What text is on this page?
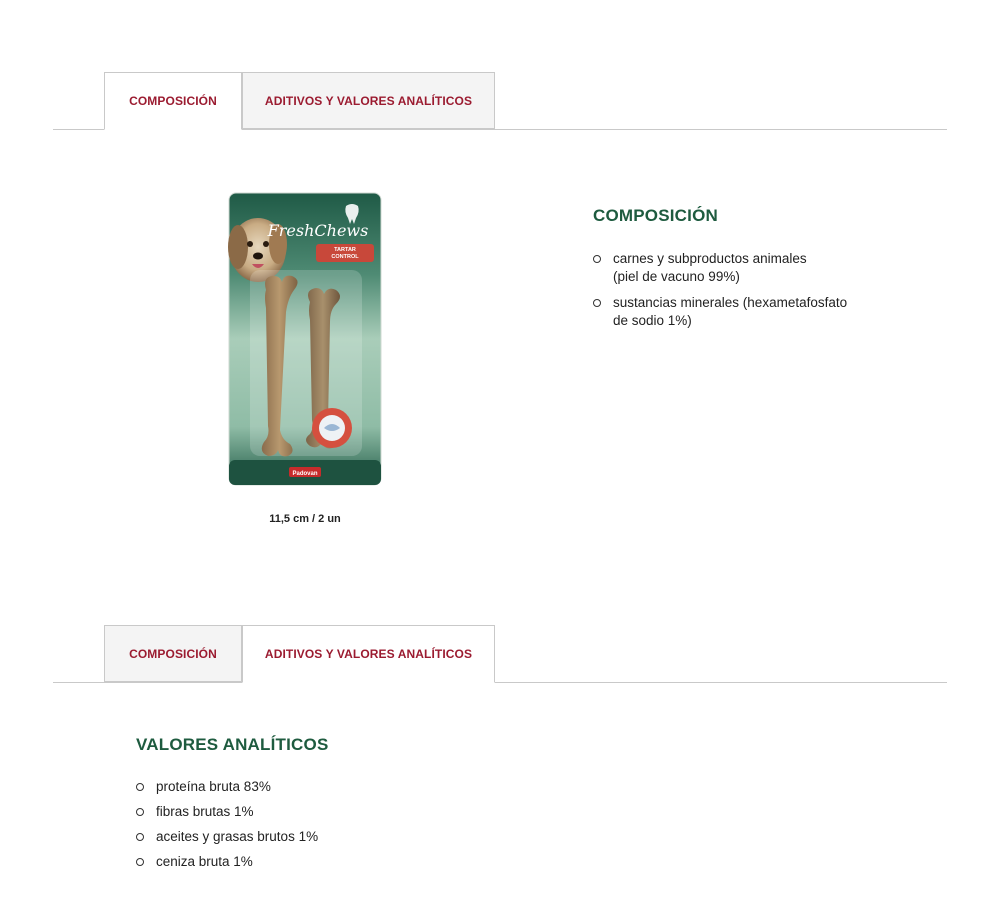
COMPOSICIÓN	ADITIVOS Y VALORES ANALÍTICOS
FreshChews
TARTAR
CONTROL
Padovan
11,5 cm / 2 un
COMPOSICIÓN
carnes y subproductos animales
(piel de vacuno 99%)
sustancias minerales (hexametafosfato
de sodio 1%)
COMPOSICIÓN	ADITIVOS Y VALORES ANALÍTICOS
VALORES ANALÍTICOS
proteína bruta 83%
fibras brutas 1%
aceites y grasas brutos 1%
ceniza bruta 1%
